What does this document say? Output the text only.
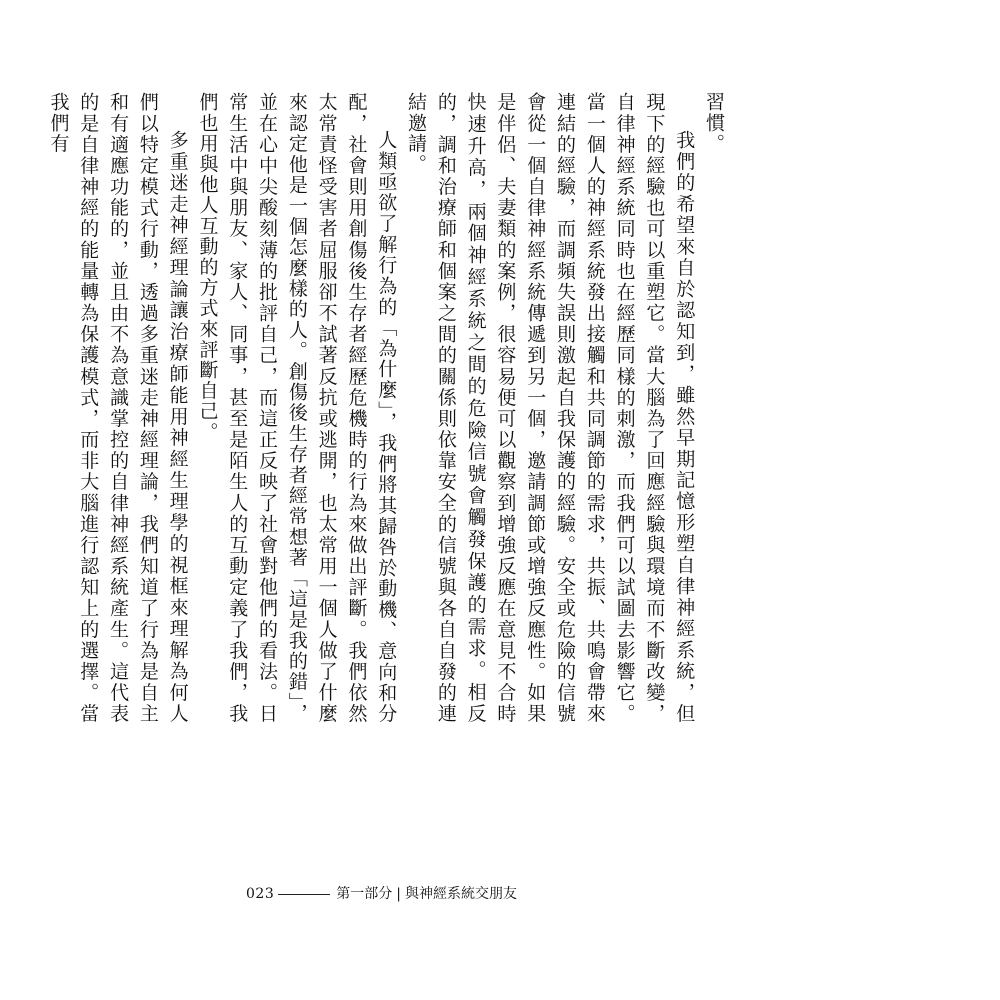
習慣。

我們的希望來自於認知到，雖然早期記憶形塑自律神經系統，但現下的經驗也可以重塑它。當大腦為了回應經驗與環境而不斷改變，自律神經系統同時也在經歷同樣的刺激，而我們可以試圖去影響它。當一個人的神經系統發出接觸和共同調節的需求，共振、共鳴會帶來連結的經驗，而調頻失誤則激起自我保護的經驗。安全或危險的信號會從一個自律神經系統傳遞到另一個，邀請調節或增強反應性。如果是伴侶、夫妻類的案例，很容易便可以觀察到增強反應在意見不合時快速升高，兩個神經系統之間的危險信號會觸發保護的需求。相反的，調和治療師和個案之間的關係則依靠安全的信號與各自自發的連結邀請。

人類亟欲了解行為的「為什麼」，我們將其歸咎於動機、意向和分配，社會則用創傷後生存者經歷危機時的行為來做出評斷。我們依然太常責怪受害者屈服卻不試著反抗或逃開，也太常用一個人做了什麼來認定他是一個怎麼樣的人。創傷後生存者經常想著「這是我的錯」，並在心中尖酸刻薄的批評自己，而這正反映了社會對他們的看法。日常生活中與朋友、家人、同事，甚至是陌生人的互動定義了我們，我們也用與他人互動的方式來評斷自己。

多重迷走神經理論讓治療師能用神經生理學的視框來理解為何人們以特定模式行動，透過多重迷走神經理論，我們知道了行為是自主和有適應功能的，並且由不為意識掌控的自律神經系統產生。這代表的是自律神經的能量轉為保護模式，而非大腦進行認知上的選擇。當我們有

023	第一部分 | 與神經系統交朋友
